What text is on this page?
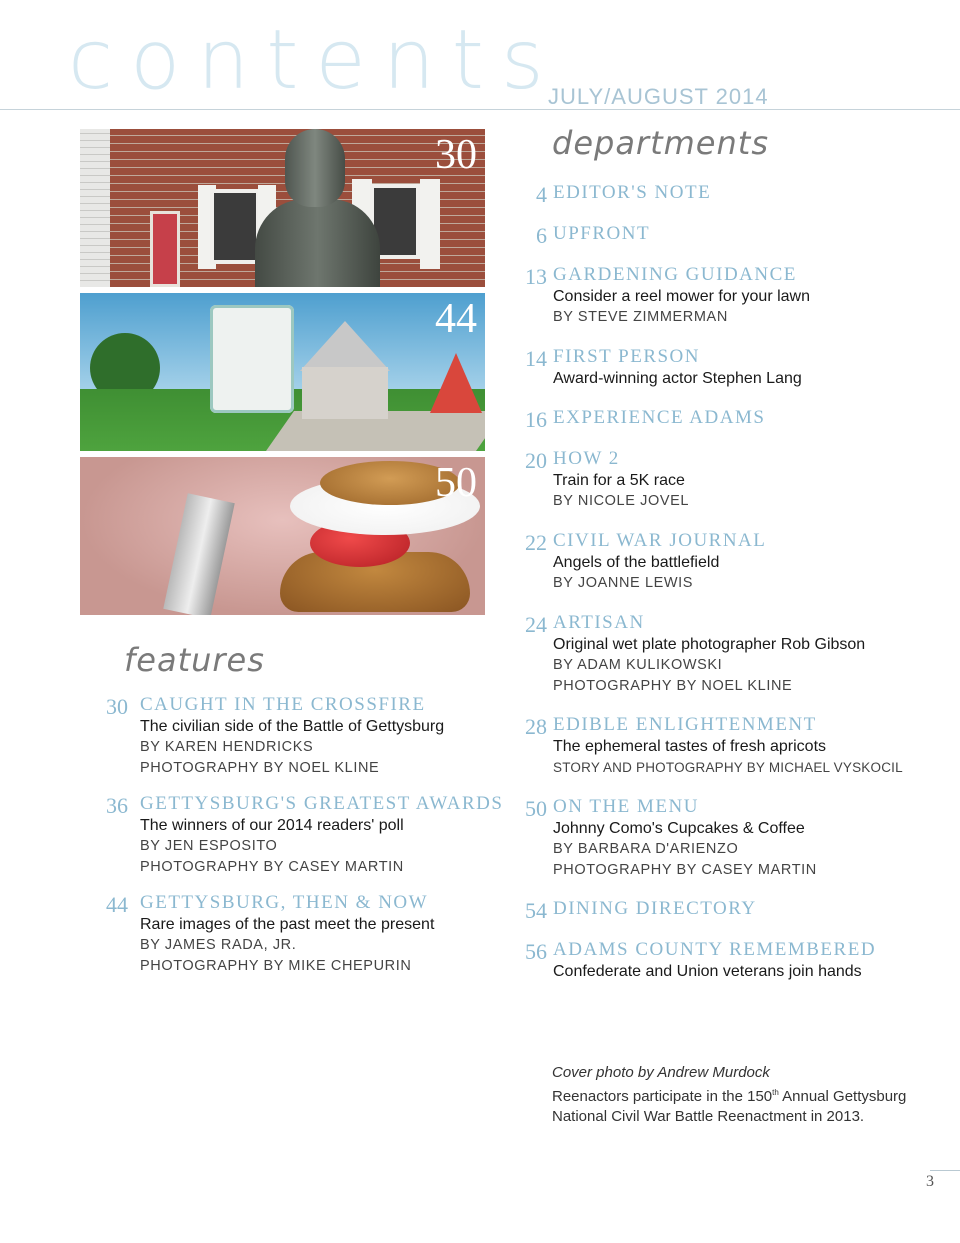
contents
JULY/AUGUST 2014
departments
30
44
50
4 EDITOR'S NOTE
6 UPFRONT
13 GARDENING GUIDANCE
Consider a reel mower for your lawn
BY STEVE ZIMMERMAN
14 FIRST PERSON
Award-winning actor Stephen Lang
16 EXPERIENCE ADAMS
20 HOW 2
Train for a 5K race
BY NICOLE JOVEL
22 CIVIL WAR JOURNAL
Angels of the battlefield
BY JOANNE LEWIS
24 ARTISAN
Original wet plate photographer Rob Gibson
BY ADAM KULIKOWSKI
PHOTOGRAPHY BY NOEL KLINE
28 EDIBLE ENLIGHTENMENT
The ephemeral tastes of fresh apricots
STORY AND PHOTOGRAPHY BY MICHAEL VYSKOCIL
50 ON THE MENU
Johnny Como's Cupcakes & Coffee
BY BARBARA D'ARIENZO
PHOTOGRAPHY BY CASEY MARTIN
54 DINING DIRECTORY
56 ADAMS COUNTY REMEMBERED
Confederate and Union veterans join hands
features
30 CAUGHT IN THE CROSSFIRE
The civilian side of the Battle of Gettysburg
BY KAREN HENDRICKS
PHOTOGRAPHY BY NOEL KLINE
36 GETTYSBURG'S GREATEST AWARDS
The winners of our 2014 readers' poll
BY JEN ESPOSITO
PHOTOGRAPHY BY CASEY MARTIN
44 GETTYSBURG, THEN & NOW
Rare images of the past meet the present
BY JAMES RADA, JR.
PHOTOGRAPHY BY MIKE CHEPURIN
Cover photo by Andrew Murdock
Reenactors participate in the 150th Annual Gettysburg
National Civil War Battle Reenactment in 2013.
3
